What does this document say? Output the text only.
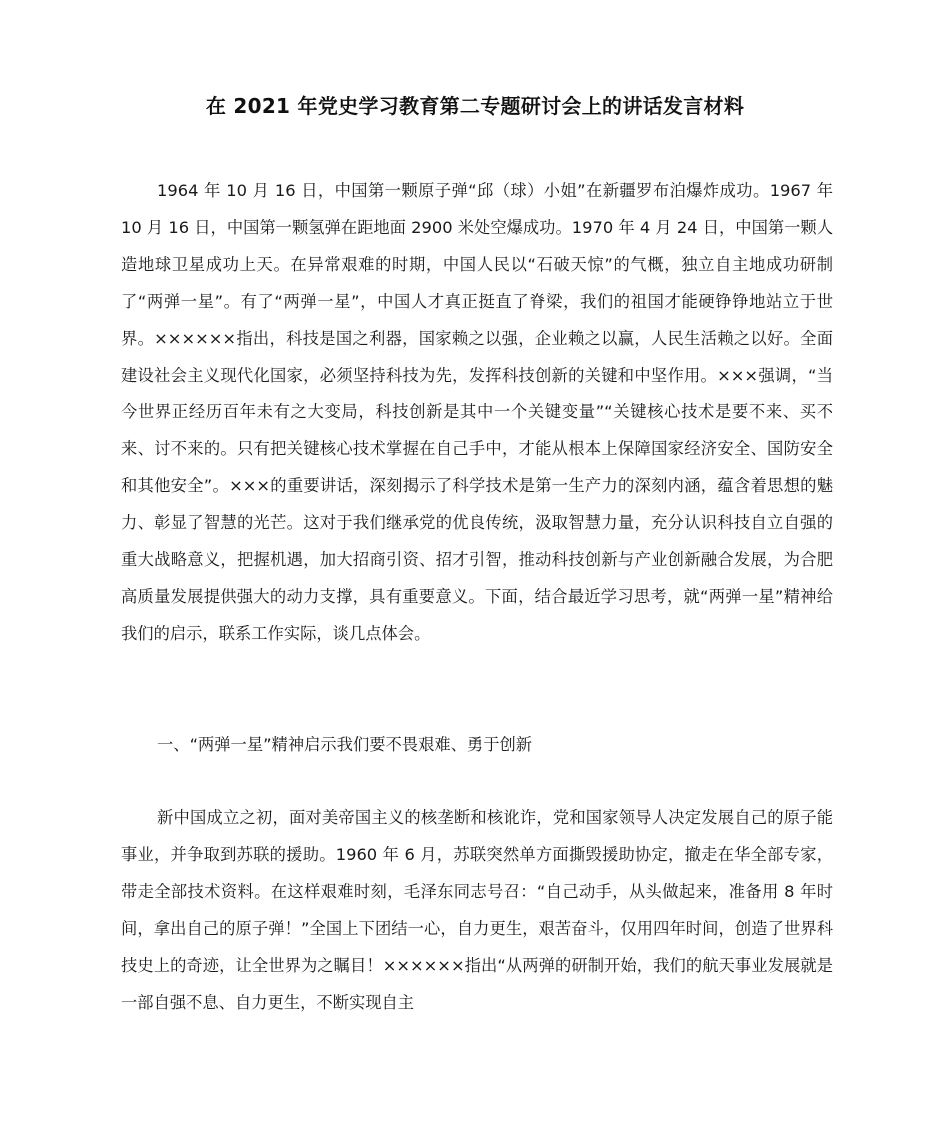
在 2021 年党史学习教育第二专题研讨会上的讲话发言材料

1964 年 10 月 16 日，中国第一颗原子弹“邱（球）小姐”在新疆罗布泊爆炸成功。1967 年 10 月 16 日，中国第一颗氢弹在距地面 2900 米处空爆成功。1970 年 4 月 24 日，中国第一颗人造地球卫星成功上天。在异常艰难的时期，中国人民以“石破天惊”的气概，独立自主地成功研制了“两弹一星”。有了“两弹一星”，中国人才真正挺直了脊梁，我们的祖国才能硬铮铮地站立于世界。××××××指出，科技是国之利器，国家赖之以强，企业赖之以赢，人民生活赖之以好。全面建设社会主义现代化国家，必须坚持科技为先，发挥科技创新的关键和中坚作用。×××强调，“当今世界正经历百年未有之大变局，科技创新是其中一个关键变量”“关键核心技术是要不来、买不来、讨不来的。只有把关键核心技术掌握在自己手中，才能从根本上保障国家经济安全、国防安全和其他安全”。×××的重要讲话，深刻揭示了科学技术是第一生产力的深刻内涵，蕴含着思想的魅力、彰显了智慧的光芒。这对于我们继承党的优良传统，汲取智慧力量，充分认识科技自立自强的重大战略意义，把握机遇，加大招商引资、招才引智，推动科技创新与产业创新融合发展，为合肥高质量发展提供强大的动力支撑，具有重要意义。下面，结合最近学习思考，就“两弹一星”精神给我们的启示，联系工作实际，谈几点体会。

一、“两弹一星”精神启示我们要不畏艰难、勇于创新

新中国成立之初，面对美帝国主义的核垄断和核讹诈，党和国家领导人决定发展自己的原子能事业，并争取到苏联的援助。1960 年 6 月，苏联突然单方面撕毁援助协定，撤走在华全部专家，带走全部技术资料。在这样艰难时刻，毛泽东同志号召：“自己动手，从头做起来，准备用 8 年时间，拿出自己的原子弹！”全国上下团结一心，自力更生，艰苦奋斗，仅用四年时间，创造了世界科技史上的奇迹，让全世界为之瞩目！××××××指出“从两弹的研制开始，我们的航天事业发展就是一部自强不息、自力更生，不断实现自主
